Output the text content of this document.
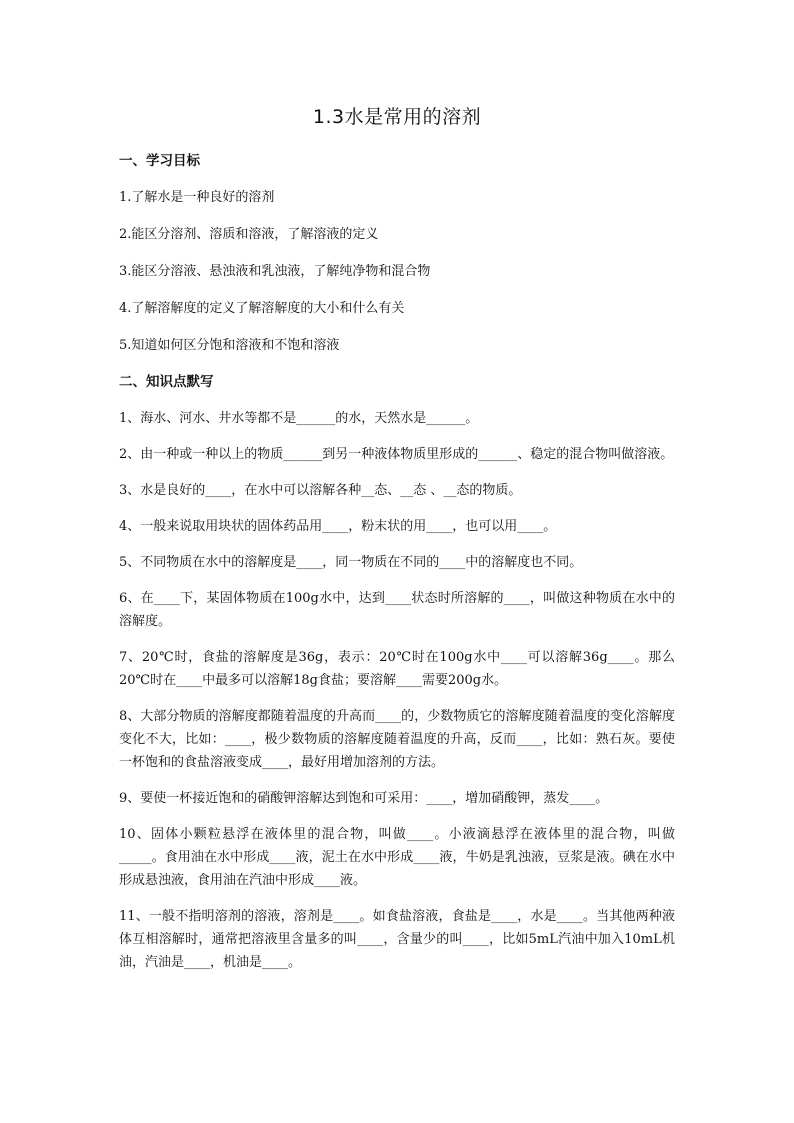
1.3水是常用的溶剂
一、学习目标
1.了解水是一种良好的溶剂
2.能区分溶剂、溶质和溶液，了解溶液的定义
3.能区分溶液、悬浊液和乳浊液，了解纯净物和混合物
4.了解溶解度的定义了解溶解度的大小和什么有关
5.知道如何区分饱和溶液和不饱和溶液
二、知识点默写
1、海水、河水、井水等都不是______的水，天然水是______。
2、由一种或一种以上的物质______到另一种液体物质里形成的______、稳定的混合物叫做溶液。
3、水是良好的____，在水中可以溶解各种__态、__态 、__态的物质。
4、一般来说取用块状的固体药品用____，粉末状的用____，也可以用____。
5、不同物质在水中的溶解度是____，同一物质在不同的____中的溶解度也不同。
6、在____下，某固体物质在100g水中，达到____状态时所溶解的____，叫做这种物质在水中的溶解度。
7、20℃时，食盐的溶解度是36g，表示：20℃时在100g水中____可以溶解36g____。那么20℃时在____中最多可以溶解18g食盐；要溶解____需要200g水。
8、大部分物质的溶解度都随着温度的升高而____的，少数物质它的溶解度随着温度的变化溶解度变化不大，比如：____，极少数物质的溶解度随着温度的升高，反而____，比如：熟石灰。要使一杯饱和的食盐溶液变成____，最好用增加溶剂的方法。
9、要使一杯接近饱和的硝酸钾溶解达到饱和可采用：____，增加硝酸钾，蒸发____。
10、固体小颗粒悬浮在液体里的混合物，叫做____。小液滴悬浮在液体里的混合物，叫做_____。食用油在水中形成____液，泥土在水中形成____液，牛奶是乳浊液，豆浆是液。碘在水中形成悬浊液，食用油在汽油中形成____液。
11、一般不指明溶剂的溶液，溶剂是____。如食盐溶液，食盐是____，水是____。当其他两种液体互相溶解时，通常把溶液里含量多的叫____，含量少的叫____，比如5mL汽油中加入10mL机油，汽油是____，机油是____。
